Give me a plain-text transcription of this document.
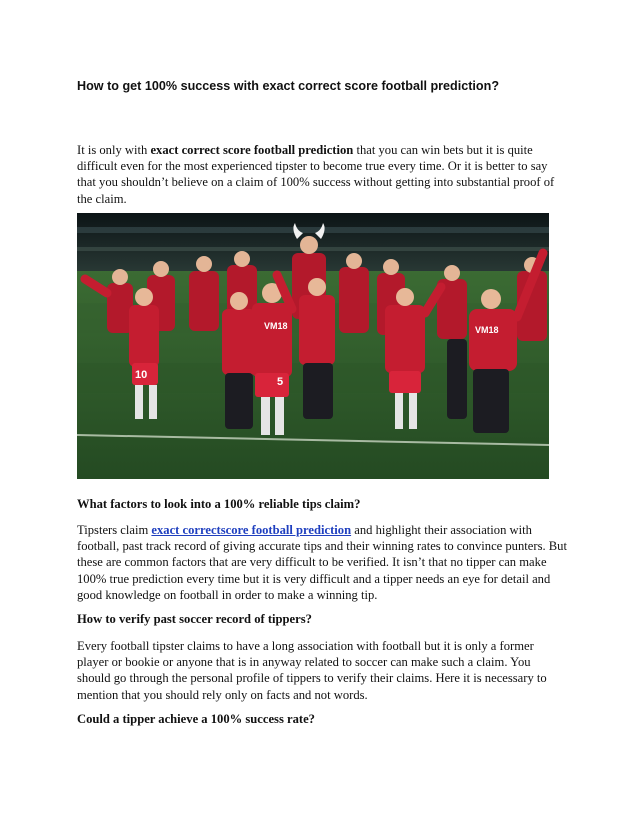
How to get 100% success with exact correct score football prediction?

It is only with exact correct score football prediction that you can win bets but it is quite difficult even for the most experienced tipster to become true every time. Or it is better to say that you shouldn’t believe on a claim of 100% success without getting into substantial proof of the claim.

VM18	VM18
10
5
What factors to look into a 100% reliable tips claim?

Tipsters claim exact correctscore football prediction and highlight their association with football, past track record of giving accurate tips and their winning rates to convince punters. But these are common factors that are very difficult to be verified. It isn’t that no tipper can make 100% true prediction every time but it is very difficult and a tipper needs an eye for detail and good knowledge on football in order to make a winning tip.

How to verify past soccer record of tippers?

Every football tipster claims to have a long association with football but it is only a former player or bookie or anyone that is in anyway related to soccer can make such a claim. You should go through the personal profile of tippers to verify their claims. Here it is necessary to mention that you should rely only on facts and not words.

Could a tipper achieve a 100% success rate?
